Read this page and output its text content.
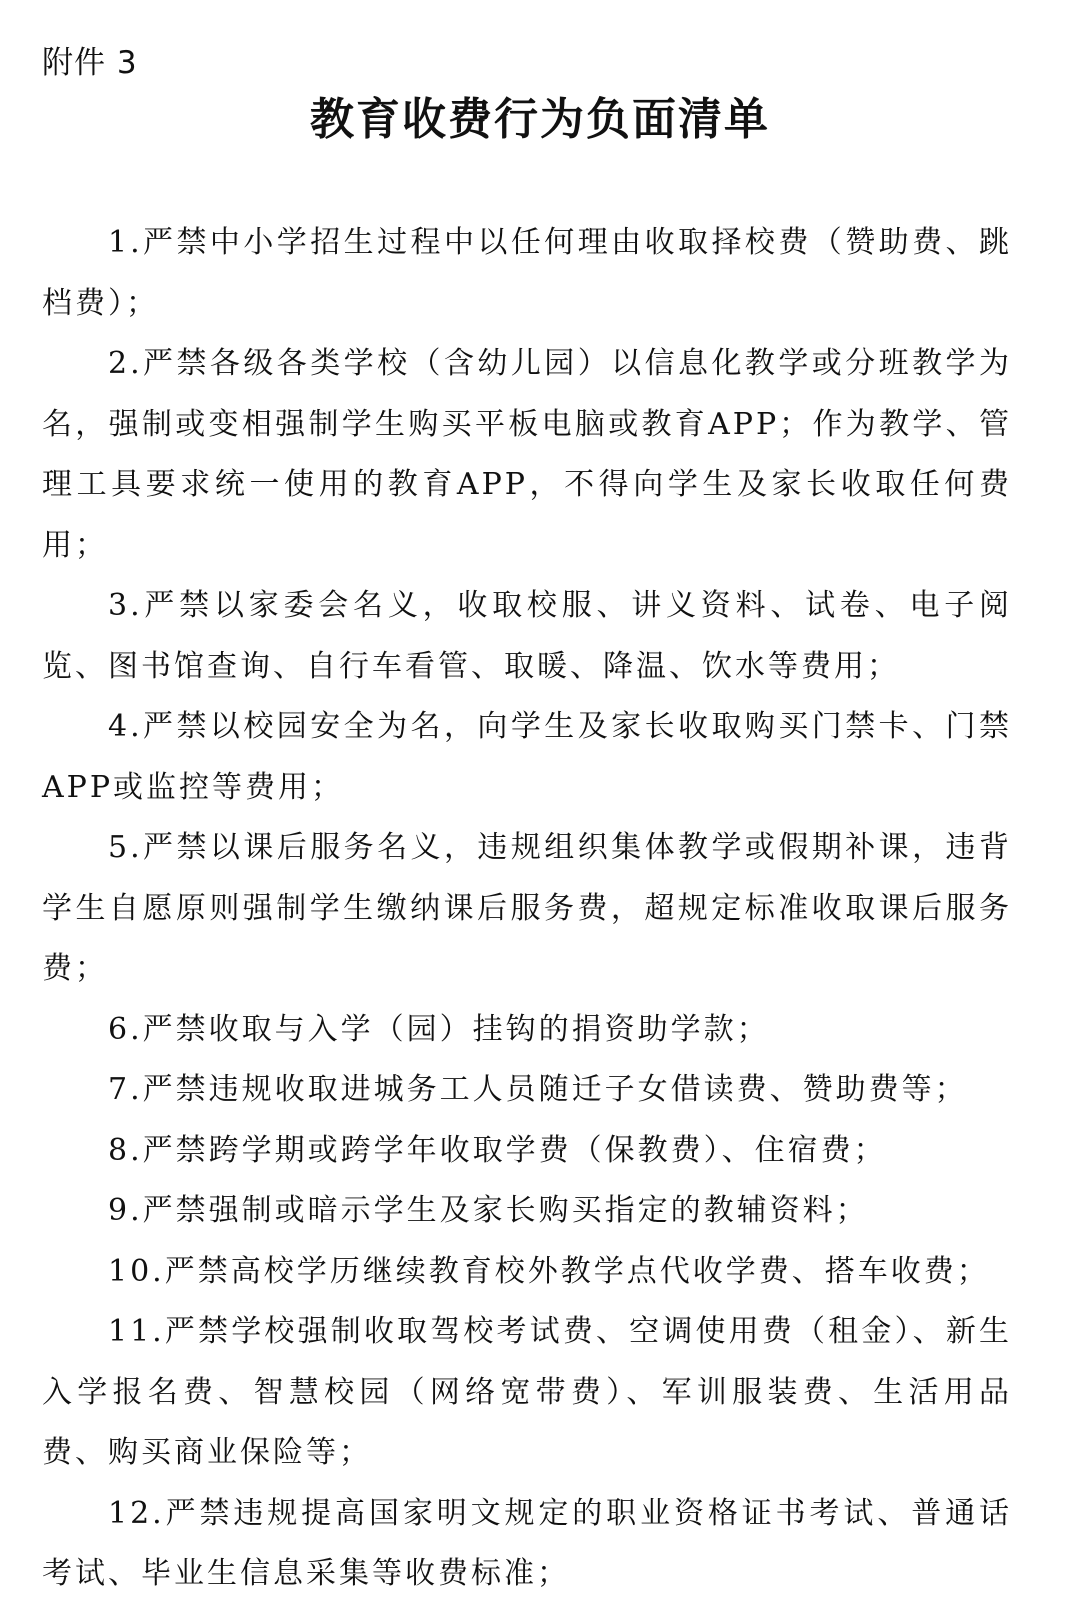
附件 3
教育收费行为负面清单

1.严禁中小学招生过程中以任何理由收取择校费（赞助费、跳档费）；

2.严禁各级各类学校（含幼儿园）以信息化教学或分班教学为名，强制或变相强制学生购买平板电脑或教育APP；作为教学、管理工具要求统一使用的教育APP，不得向学生及家长收取任何费用；

3.严禁以家委会名义，收取校服、讲义资料、试卷、电子阅览、图书馆查询、自行车看管、取暖、降温、饮水等费用；

4.严禁以校园安全为名，向学生及家长收取购买门禁卡、门禁APP或监控等费用；

5.严禁以课后服务名义，违规组织集体教学或假期补课，违背学生自愿原则强制学生缴纳课后服务费，超规定标准收取课后服务费；

6.严禁收取与入学（园）挂钩的捐资助学款；

7.严禁违规收取进城务工人员随迁子女借读费、赞助费等；

8.严禁跨学期或跨学年收取学费（保教费）、住宿费；

9.严禁强制或暗示学生及家长购买指定的教辅资料；

10.严禁高校学历继续教育校外教学点代收学费、搭车收费；

11.严禁学校强制收取驾校考试费、空调使用费（租金）、新生入学报名费、智慧校园（网络宽带费）、军训服装费、生活用品费、购买商业保险等；

12.严禁违规提高国家明文规定的职业资格证书考试、普通话考试、毕业生信息采集等收费标准；
